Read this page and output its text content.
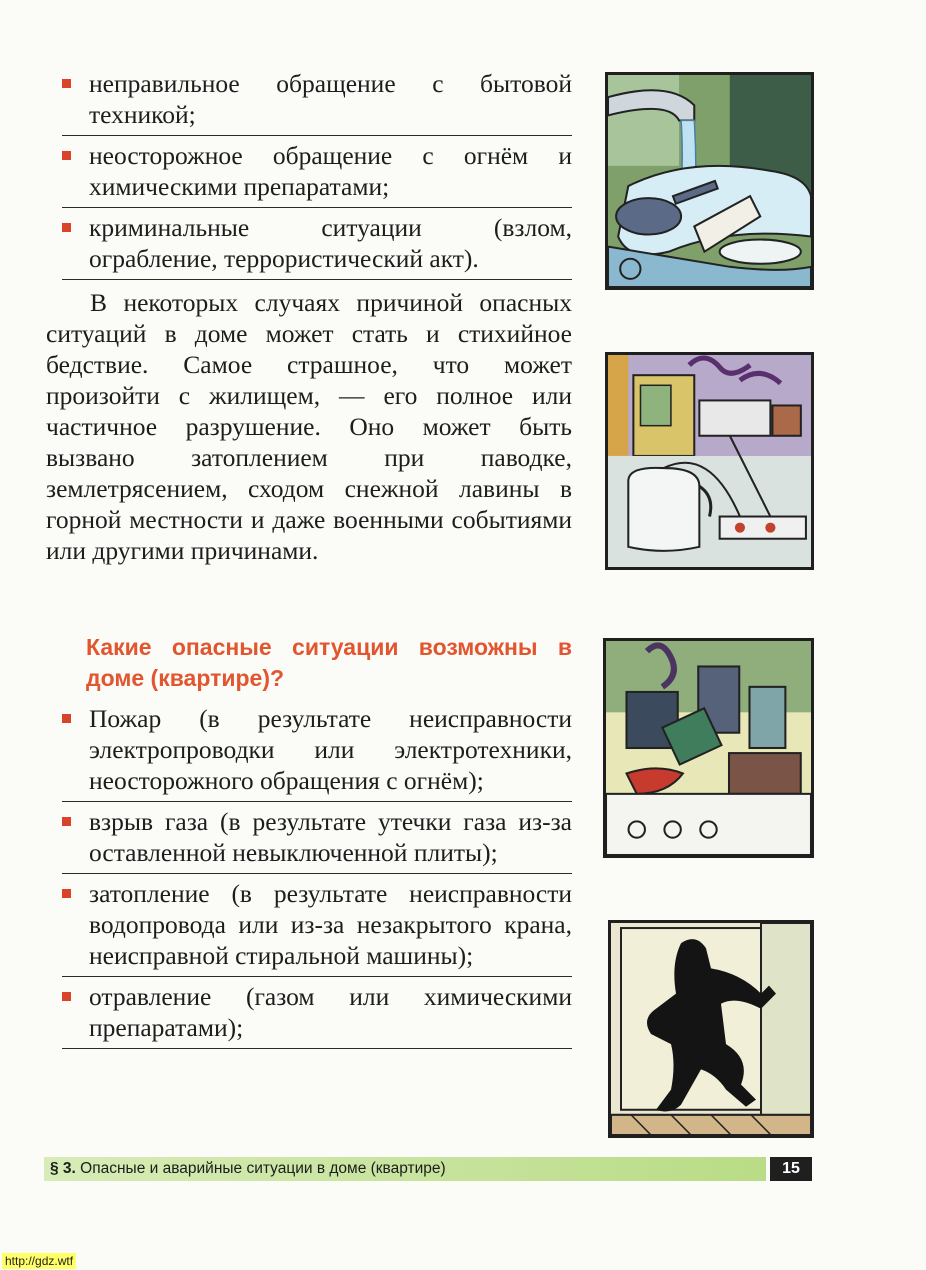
неправильное обращение с бытовой техникой;
неосторожное обращение с огнём и химическими препаратами;
криминальные ситуации (взлом, ограбление, террористический акт).

В некоторых случаях причиной опасных ситуаций в доме может стать и стихийное бедствие. Самое страшное, что может произойти с жилищем, — его полное или частичное разрушение. Оно может быть вызвано затоплением при паводке, землетрясением, сходом снежной лавины в горной местности и даже военными событиями или другими причинами.

Какие опасные ситуации возможны в доме (квартире)?
Пожар (в результате неисправности электропроводки или электротехники, неосторожного обращения с огнём);
взрыв газа (в результате утечки газа из-за оставленной невыключенной плиты);
затопление (в результате неисправности водопровода или из-за незакрытого крана, неисправной стиральной машины);
отравление (газом или химическими препаратами);
§ 3. Опасные и аварийные ситуации в доме (квартире)	15
http://gdz.wtf
